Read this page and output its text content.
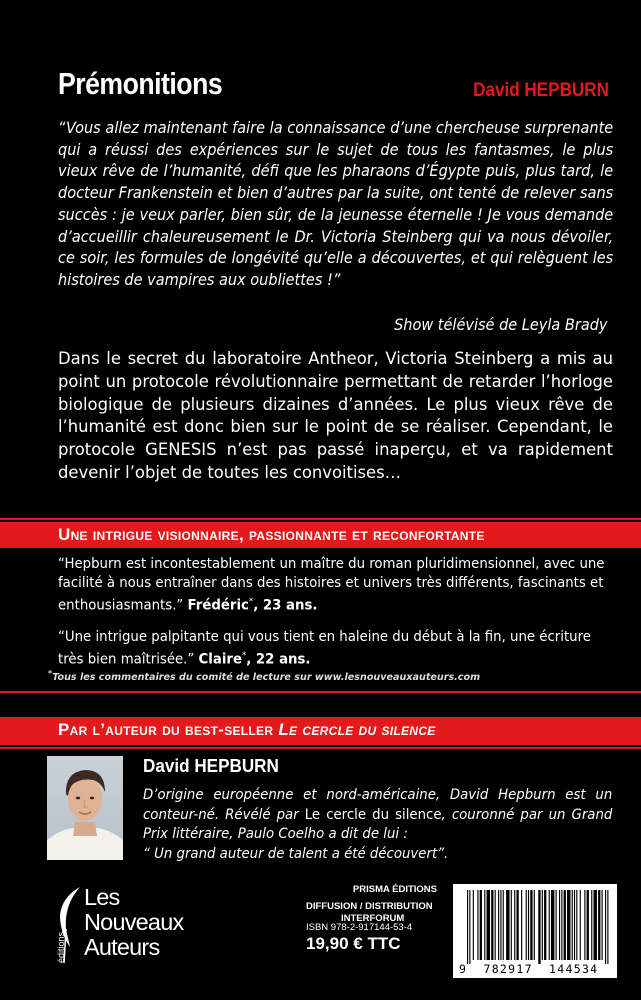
Prémonitions	David HEPBURN
“Vous allez maintenant faire la connaissance d’une chercheuse surprenante qui a réussi des expériences sur le sujet de tous les fantasmes, le plus vieux rêve de l’humanité, défi que les pharaons d’Égypte puis, plus tard, le docteur Frankenstein et bien d’autres par la suite, ont tenté de relever sans succès : je veux parler, bien sûr, de la jeunesse éternelle ! Je vous demande d’accueillir chaleureusement le Dr. Victoria Steinberg qui va nous dévoiler, ce soir, les formules de longévité qu’elle a découvertes, et qui relèguent les histoires de vampires aux oubliettes !”
Show télévisé de Leyla Brady
Dans le secret du laboratoire Antheor, Victoria Steinberg a mis au point un protocole révolutionnaire permettant de retarder l’horloge biologique de plusieurs dizaines d’années. Le plus vieux rêve de l’humanité est donc bien sur le point de se réaliser. Cependant, le protocole GENESIS n’est pas passé inaperçu, et va rapidement devenir l’objet de toutes les convoitises…
Une intrigue visionnaire, passionnante et reconfortante
“Hepburn est incontestablement un maître du roman pluridimensionnel, avec une facilité à nous entraîner dans des histoires et univers très différents, fascinants et enthousiasmants.” Frédéric*, 23 ans.
“Une intrigue palpitante qui vous tient en haleine du début à la fin, une écriture très bien maîtrisée.” Claire*, 22 ans.
*Tous les commentaires du comité de lecture sur www.lesnouveauxauteurs.com
Par l’auteur du best-seller Le cercle du silence
David HEPBURN
D’origine européenne et nord-américaine, David Hepburn est un conteur-né. Révélé par Le cercle du silence, couronné par un Grand Prix littéraire, Paulo Coelho a dit de lui :
“ Un grand auteur de talent a été découvert”.
éditions
Les
Nouveaux
Auteurs
PRISMA ÉDITIONS
DIFFUSION / DISTRIBUTION
INTERFORUM
ISBN 978-2-917144-53-4
19,90 € TTC
9 782917 144534
